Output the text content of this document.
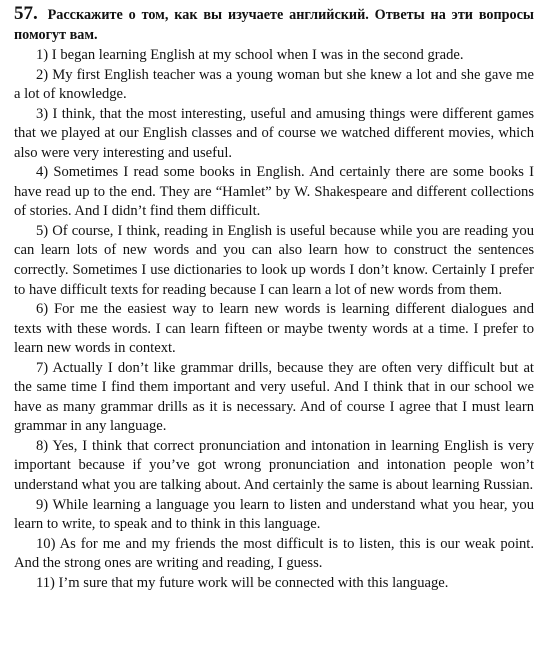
57. Расскажите о том, как вы изучаете английский. Ответы на эти вопросы помогут вам.

1) I began learning English at my school when I was in the second grade.

2) My first English teacher was a young woman but she knew a lot and she gave me a lot of knowledge.

3) I think, that the most interesting, useful and amusing things were different games that we played at our English classes and of course we watched different movies, which also were very interesting and useful.

4) Sometimes I read some books in English. And certainly there are some books I have read up to the end. They are “Hamlet” by W. Shakespeare and different collections of stories. And I didn’t find them difficult.

5) Of course, I think, reading in English is useful because while you are reading you can learn lots of new words and you can also learn how to construct the sentences correctly. Sometimes I use dictionaries to look up words I don’t know. Certainly I prefer to have difficult texts for reading because I can learn a lot of new words from them.

6) For me the easiest way to learn new words is learning different dialogues and texts with these words. I can learn fifteen or maybe twenty words at a time. I prefer to learn new words in context.

7) Actually I don’t like grammar drills, because they are often very difficult but at the same time I find them important and very useful. And I think that in our school we have as many grammar drills as it is necessary. And of course I agree that I must learn grammar in any language.

8) Yes, I think that correct pronunciation and intonation in learning English is very important because if you’ve got wrong pronunciation and intonation people won’t understand what you are talking about. And certainly the same is about learning Russian.

9) While learning a language you learn to listen and understand what you hear, you learn to write, to speak and to think in this language.

10) As for me and my friends the most difficult is to listen, this is our weak point. And the strong ones are writing and reading, I guess.

11) I’m sure that my future work will be connected with this language.
